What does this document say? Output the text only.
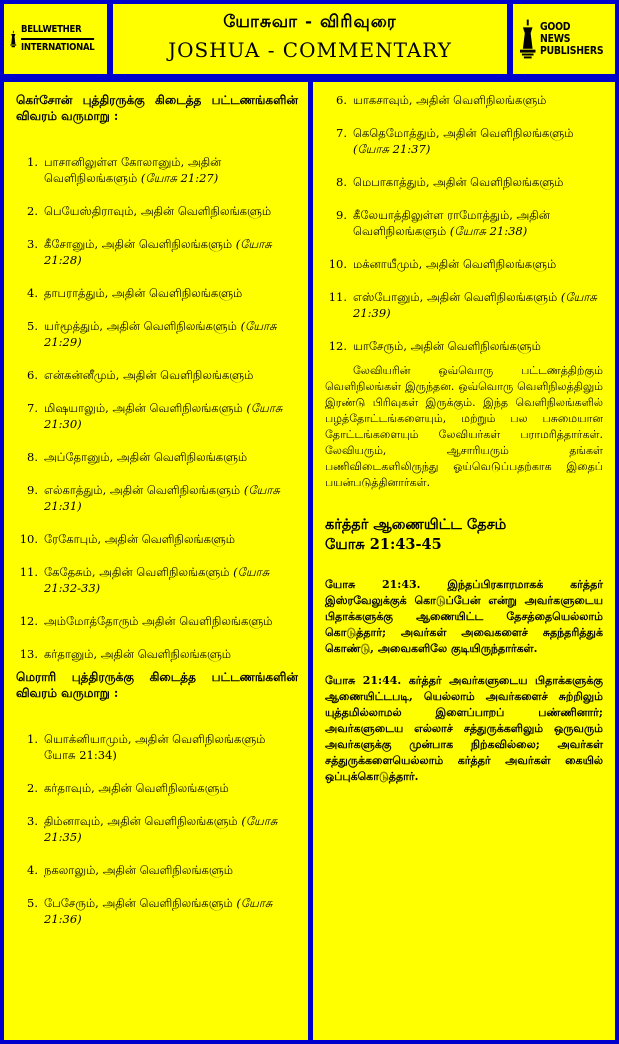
BELLWETHER
INTERNATIONAL
யோசுவா - விரிவுரை
JOSHUA - COMMENTARY
GOOD NEWS
PUBLISHERS
கெர்சோன் புத்திரருக்கு கிடைத்த பட்டணங்களின் விவரம் வருமாறு :
1. பாசானிலுள்ள கோலானும், அதின் வெளிநிலங்களும் (யோசு 21:27)
2. பெயேஸ்திராவும், அதின் வெளிநிலங்களும்
3. கீசோனும், அதின் வெளிநிலங்களும் (யோசு 21:28)
4. தாபராத்தும், அதின் வெளிநிலங்களும்
5. யர்மூத்தும், அதின் வெளிநிலங்களும் (யோசு 21:29)
6. என்கன்னீமும், அதின் வெளிநிலங்களும்
7. மிஷயாலும், அதின் வெளிநிலங்களும் (யோசு 21:30)
8. அப்தோனும், அதின் வெளிநிலங்களும்
9. எல்காத்தும், அதின் வெளிநிலங்களும் (யோசு 21:31)
10. ரேகோபும், அதின் வெளிநிலங்களும்
11. கேதேசும், அதின் வெளிநிலங்களும் (யோசு 21:32-33)
12. அம்மோத்தோரும் அதின் வெளிநிலங்களும்
13. கர்தானும், அதின் வெளிநிலங்களும்
மெராரி புத்திரருக்கு கிடைத்த பட்டணங்களின் விவரம் வருமாறு :
1. யொக்னியாமும், அதின் வெளிநிலங்களும் யோசு 21:34)
2. கர்தாவும், அதின் வெளிநிலங்களும்
3. திம்னாவும், அதின் வெளிநிலங்களும் (யோசு 21:35)
4. நகலாலும், அதின் வெளிநிலங்களும்
5. பேசேரும், அதின் வெளிநிலங்களும் (யோசு 21:36)
6. யாகசாவும், அதின் வெளிநிலங்களும்
7. கெதெமோத்தும், அதின் வெளிநிலங்களும் (யோசு 21:37)
8. மெபாகாத்தும், அதின் வெளிநிலங்களும்
9. கீலேயாத்திலுள்ள ராமோத்தும், அதின் வெளிநிலங்களும் (யோசு 21:38)
10. மக்னாயீமும், அதின் வெளிநிலங்களும்
11. எஸ்போனும், அதின் வெளிநிலங்களும் (யோசு 21:39)
12. யாசேரும், அதின் வெளிநிலங்களும்

லேவியரின் ஒவ்வொரு பட்டணத்திற்கும் வெளிநிலங்கள் இருந்தன. ஒவ்வொரு வெளிநிலத்திலும் இரண்டு பிரிவுகள் இருக்கும். இந்த வெளிநிலங்களில் பழத்தோட்டங்களையும், மற்றும் பல பசுமையான தோட்டங்களையும் லேவியர்கள் பராமரித்தார்கள். லேவியரும், ஆசாரியரும் தங்கள் பணிவிடைகளிலிருந்து ஓய்வெடுப்பதற்காக இதைப் பயன்படுத்தினார்கள்.

கர்த்தர் ஆணையிட்ட தேசம்
யோசு 21:43-45

யோசு 21:43. இந்தப்பிரகாரமாகக் கர்த்தர் இஸ்ரவேலுக்குக் கொடுப்பேன் என்று அவர்களுடைய பிதாக்களுக்கு ஆணையிட்ட தேசத்தையெல்லாம் கொடுத்தார்; அவர்கள் அவைகளைச் சுதந்தரித்துக் கொண்டு, அவைகளிலே குடியிருந்தார்கள்.

யோசு 21:44. கர்த்தர் அவர்களுடைய பிதாக்களுக்கு ஆணையிட்டபடி, யெல்லாம் அவர்களைச் சுற்றிலும் யுத்தமில்லாமல் இளைப்பாறப் பண்ணினார்; அவர்களுடைய எல்லாச் சத்துருக்களிலும் ஒருவரும் அவர்களுக்கு முன்பாக நிற்கவில்லை; அவர்கள் சத்துருக்களையெல்லாம் கர்த்தர் அவர்கள் கையில் ஒப்புக்கொடுத்தார்.
